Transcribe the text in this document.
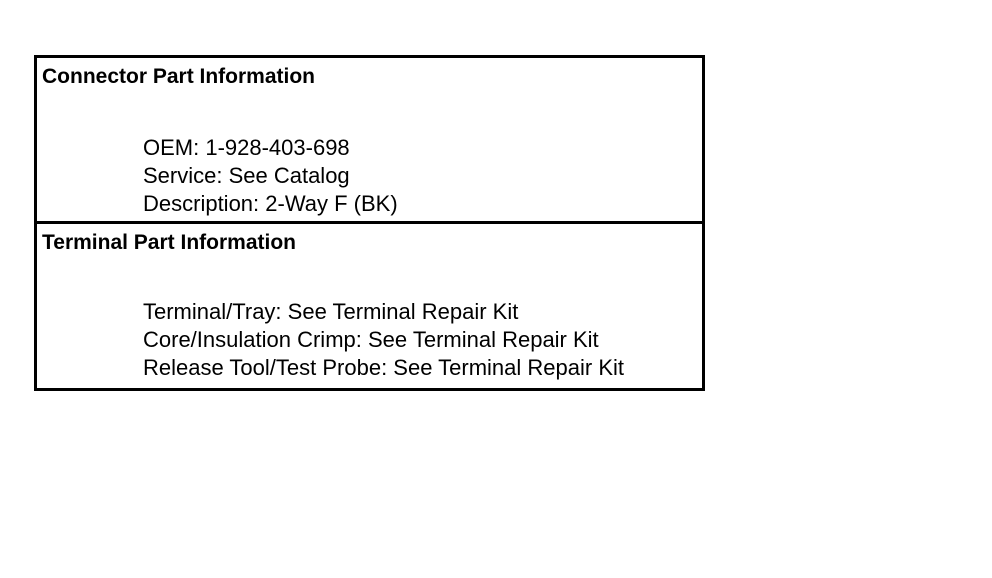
Connector Part Information
OEM: 1-928-403-698
Service: See Catalog
Description: 2-Way F (BK)
Terminal Part Information
Terminal/Tray: See Terminal Repair Kit
Core/Insulation Crimp: See Terminal Repair Kit
Release Tool/Test Probe: See Terminal Repair Kit
